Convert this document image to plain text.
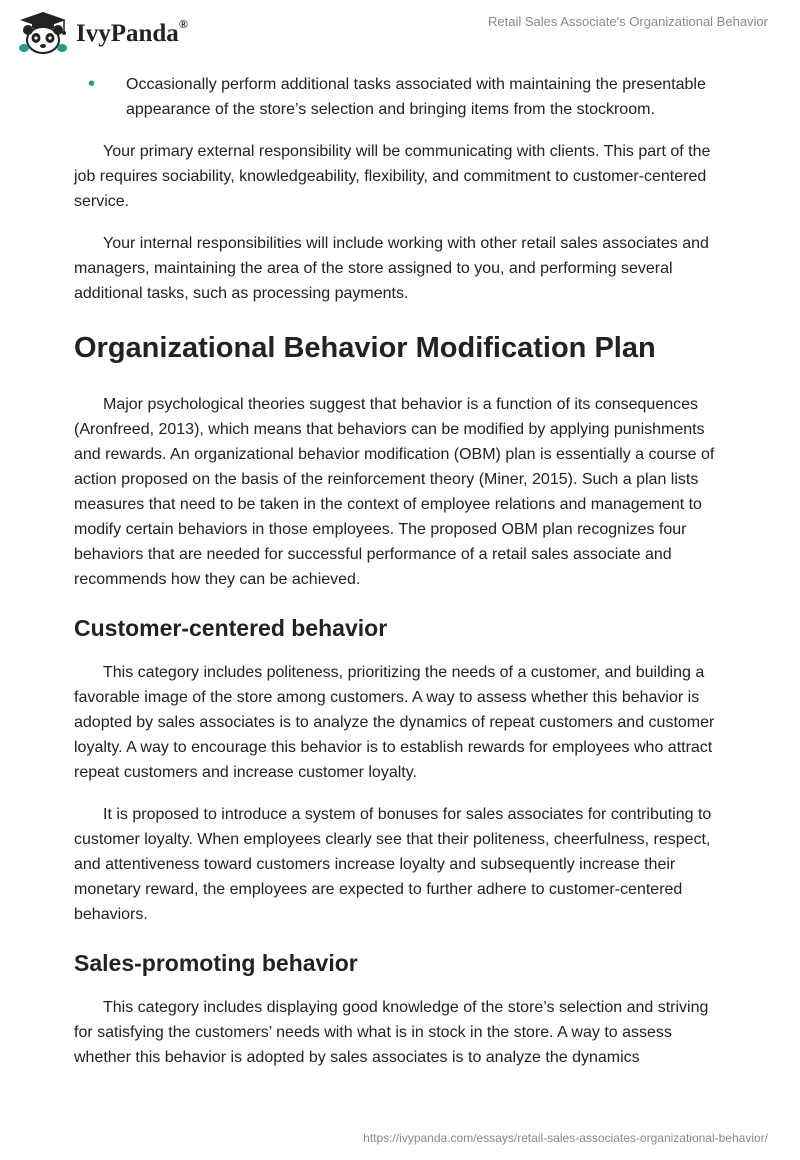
IvyPanda®	Retail Sales Associate's Organizational Behavior
• Occasionally perform additional tasks associated with maintaining the presentable appearance of the store’s selection and bringing items from the stockroom.

Your primary external responsibility will be communicating with clients. This part of the job requires sociability, knowledgeability, flexibility, and commitment to customer-centered service.

Your internal responsibilities will include working with other retail sales associates and managers, maintaining the area of the store assigned to you, and performing several additional tasks, such as processing payments.

Organizational Behavior Modification Plan

Major psychological theories suggest that behavior is a function of its consequences (Aronfreed, 2013), which means that behaviors can be modified by applying punishments and rewards. An organizational behavior modification (OBM) plan is essentially a course of action proposed on the basis of the reinforcement theory (Miner, 2015). Such a plan lists measures that need to be taken in the context of employee relations and management to modify certain behaviors in those employees. The proposed OBM plan recognizes four behaviors that are needed for successful performance of a retail sales associate and recommends how they can be achieved.

Customer-centered behavior

This category includes politeness, prioritizing the needs of a customer, and building a favorable image of the store among customers. A way to assess whether this behavior is adopted by sales associates is to analyze the dynamics of repeat customers and customer loyalty. A way to encourage this behavior is to establish rewards for employees who attract repeat customers and increase customer loyalty.

It is proposed to introduce a system of bonuses for sales associates for contributing to customer loyalty. When employees clearly see that their politeness, cheerfulness, respect, and attentiveness toward customers increase loyalty and subsequently increase their monetary reward, the employees are expected to further adhere to customer-centered behaviors.

Sales-promoting behavior

This category includes displaying good knowledge of the store’s selection and striving for satisfying the customers’ needs with what is in stock in the store. A way to assess whether this behavior is adopted by sales associates is to analyze the dynamics

https://ivypanda.com/essays/retail-sales-associates-organizational-behavior/
